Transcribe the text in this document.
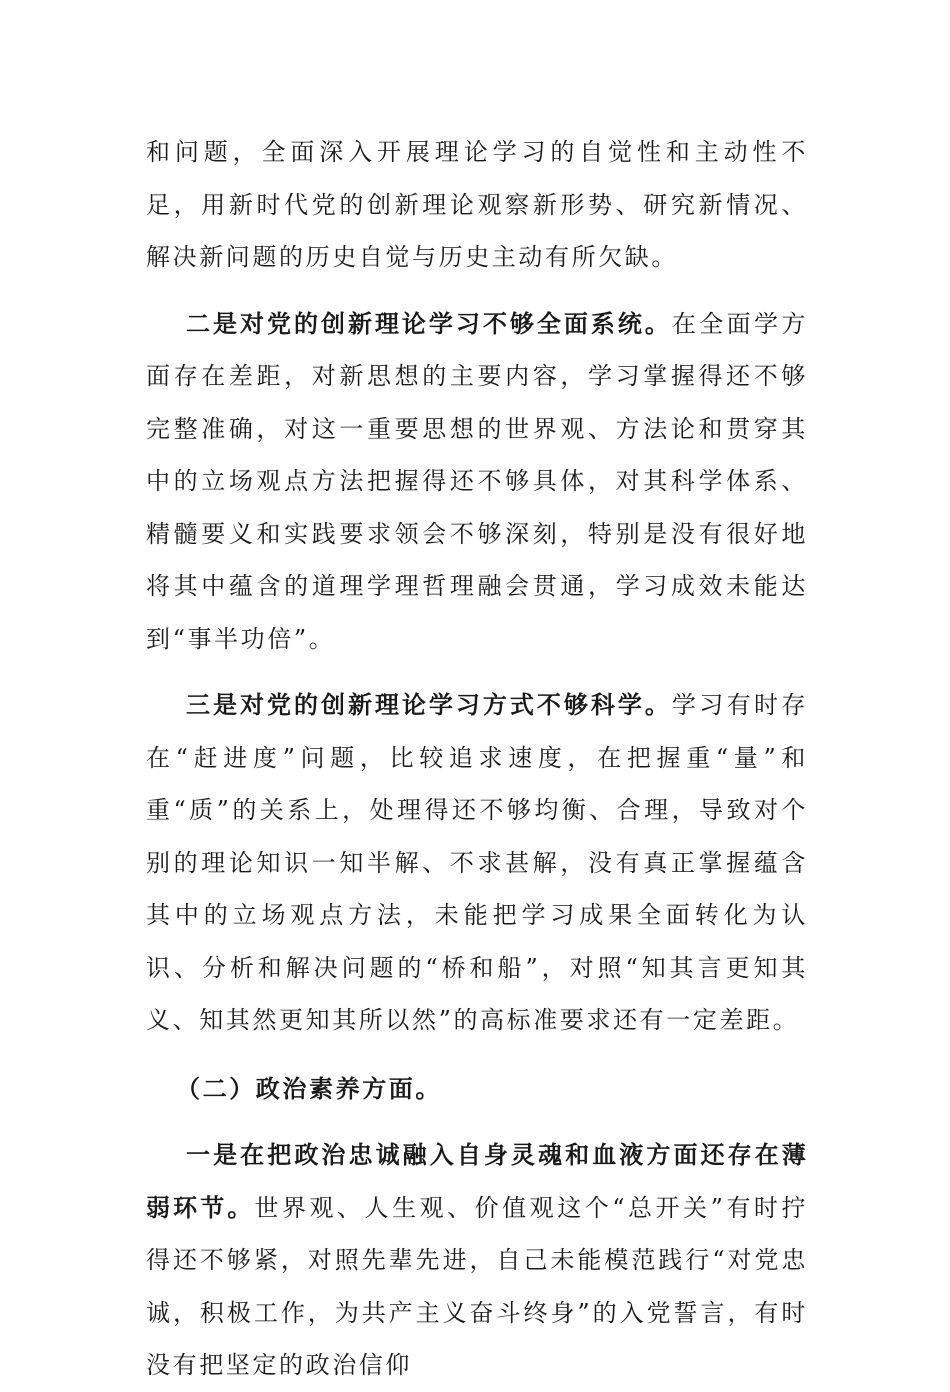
和问题，全面深入开展理论学习的自觉性和主动性不足，用新时代党的创新理论观察新形势、研究新情况、解决新问题的历史自觉与历史主动有所欠缺。

二是对党的创新理论学习不够全面系统。在全面学方面存在差距，对新思想的主要内容，学习掌握得还不够完整准确，对这一重要思想的世界观、方法论和贯穿其中的立场观点方法把握得还不够具体，对其科学体系、精髓要义和实践要求领会不够深刻，特别是没有很好地将其中蕴含的道理学理哲理融会贯通，学习成效未能达到“事半功倍”。

三是对党的创新理论学习方式不够科学。学习有时存在“赶进度”问题，比较追求速度，在把握重“量”和重“质”的关系上，处理得还不够均衡、合理，导致对个别的理论知识一知半解、不求甚解，没有真正掌握蕴含其中的立场观点方法，未能把学习成果全面转化为认识、分析和解决问题的“桥和船”，对照“知其言更知其义、知其然更知其所以然”的高标准要求还有一定差距。

（二）政治素养方面。

一是在把政治忠诚融入自身灵魂和血液方面还存在薄弱环节。世界观、人生观、价值观这个“总开关”有时拧得还不够紧，对照先辈先进，自己未能模范践行“对党忠诚，积极工作，为共产主义奋斗终身”的入党誓言，有时没有把坚定的政治信仰
